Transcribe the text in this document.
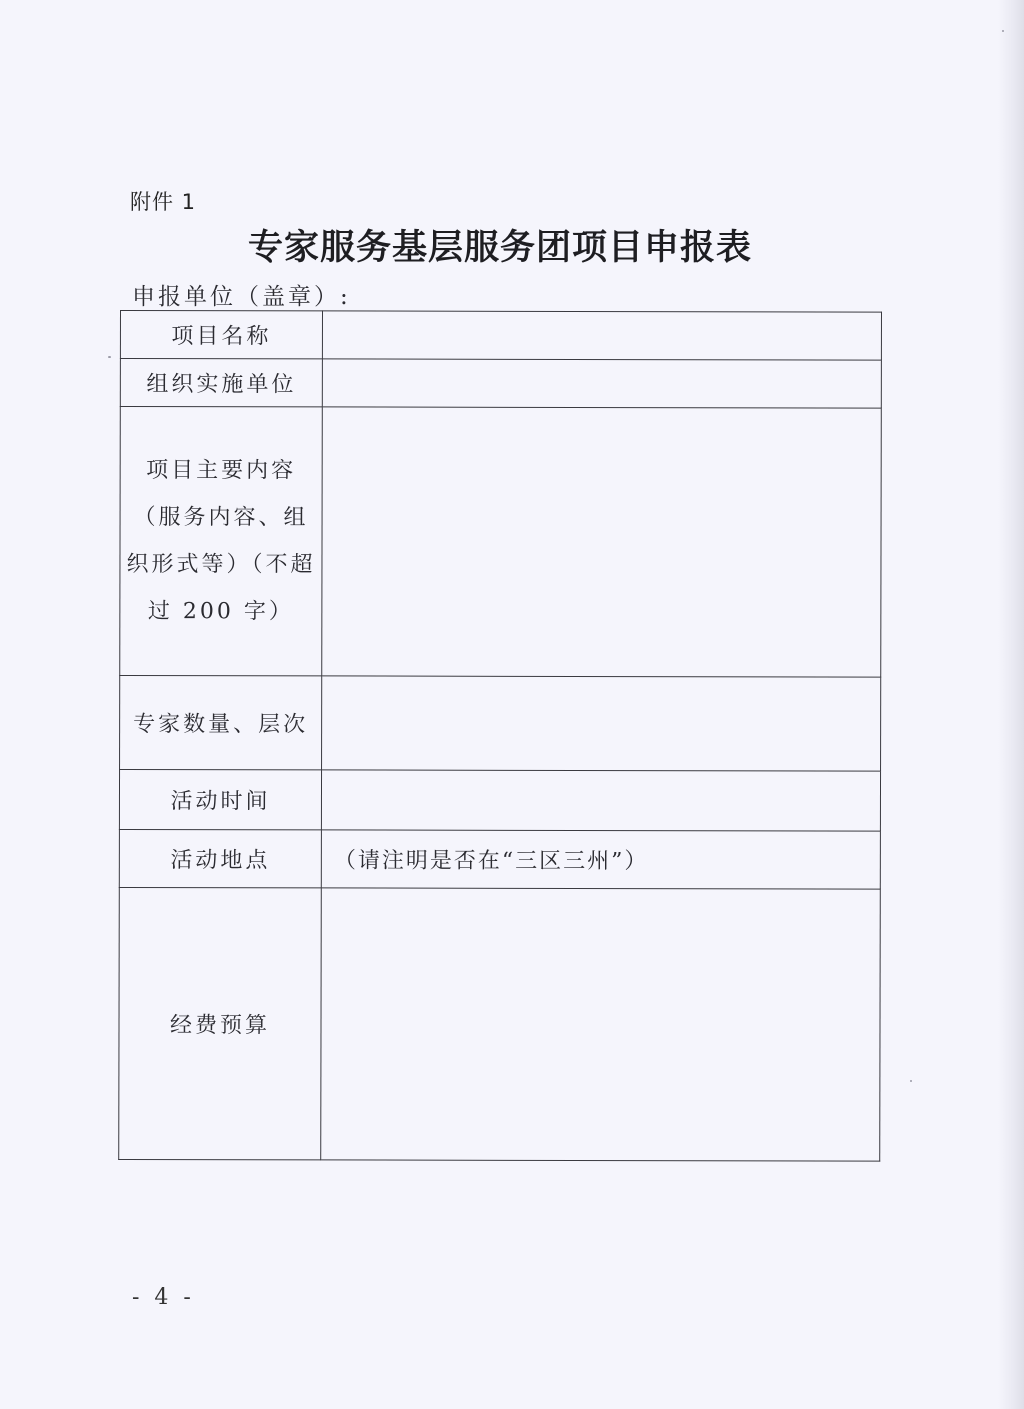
附件 1
专家服务基层服务团项目申报表
申报单位（盖章）:
项目名称	
组织实施单位	

项目主要内容
（服务内容、组
织形式等）（不超
过 200 字）	

专家数量、层次	
活动时间	
活动地点	（请注明是否在“三区三州”）
经费预算	
- 4 -
